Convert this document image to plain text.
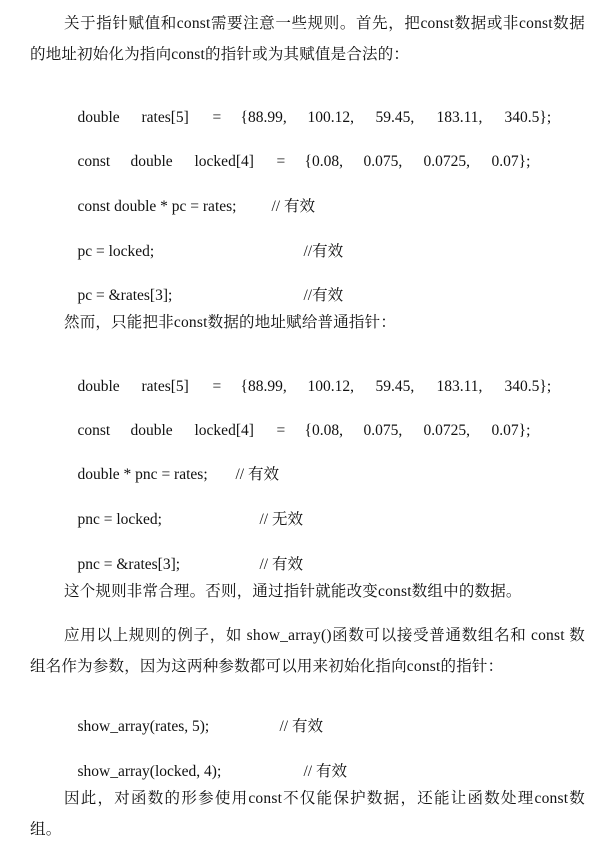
关于指针赋值和const需要注意一些规则。首先，把const数据或非const数据的地址初始化为指向const的指针或为其赋值是合法的：

double rates[5] = {88.99, 100.12, 59.45, 183.11, 340.5};

const double locked[4] = {0.08, 0.075, 0.0725, 0.07};

const double * pc = rates; // 有效

pc = locked;	//有效

pc = &rates[3];	//有效

然而，只能把非const数据的地址赋给普通指针：

double rates[5] = {88.99, 100.12, 59.45, 183.11, 340.5};

const double locked[4] = {0.08, 0.075, 0.0725, 0.07};

double * pnc = rates; // 有效

pnc = locked;	// 无效

pnc = &rates[3];	// 有效

这个规则非常合理。否则，通过指针就能改变const数组中的数据。
应用以上规则的例子，如 show_array()函数可以接受普通数组名和 const 数组名作为参数，因为这两种参数都可以用来初始化指向const的指针：

show_array(rates, 5);	// 有效

show_array(locked, 4);	// 有效

因此，对函数的形参使用const不仅能保护数据，还能让函数处理const数组。
